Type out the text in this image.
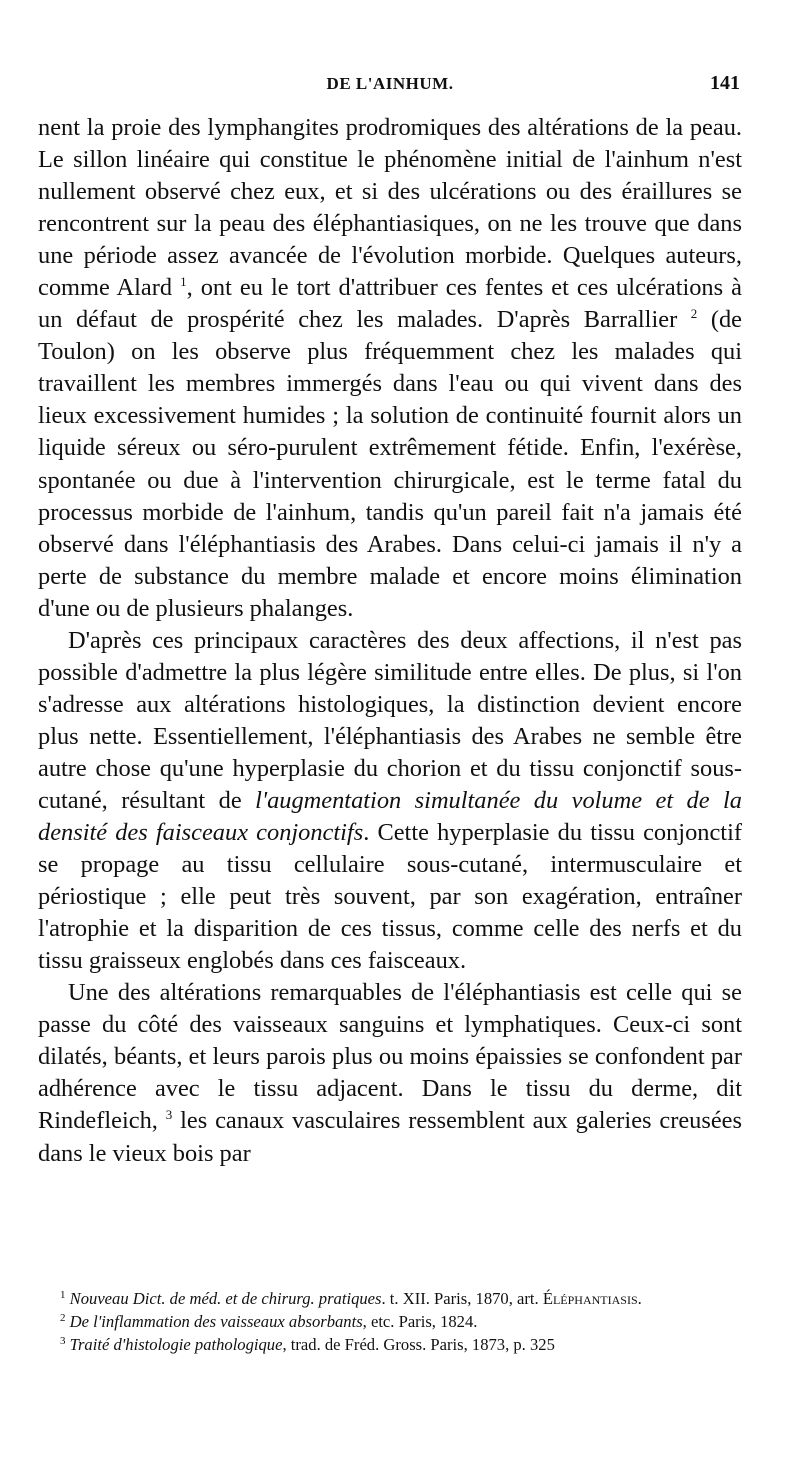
DE L'AINHUM.	141

nent la proie des lymphangites prodromiques des altérations de la peau. Le sillon linéaire qui constitue le phénomène initial de l'ainhum n'est nullement observé chez eux, et si des ulcérations ou des éraillures se rencontrent sur la peau des éléphantiasiques, on ne les trouve que dans une période assez avancée de l'évolution morbide. Quelques auteurs, comme Alard $^1$, ont eu le tort d'attribuer ces fentes et ces ulcérations à un défaut de prospérité chez les malades. D'après Barrallier $^2$ (de Toulon) on les observe plus fréquemment chez les malades qui travaillent les membres immergés dans l'eau ou qui vivent dans des lieux excessivement humides ; la solution de continuité fournit alors un liquide séreux ou séro-purulent extrêmement fétide. Enfin, l'exérèse, spontanée ou due à l'intervention chirurgicale, est le terme fatal du processus morbide de l'ainhum, tandis qu'un pareil fait n'a jamais été observé dans l'éléphantiasis des Arabes. Dans celui-ci jamais il n'y a perte de substance du membre malade et encore moins élimination d'une ou de plusieurs phalanges.

D'après ces principaux caractères des deux affections, il n'est pas possible d'admettre la plus légère similitude entre elles. De plus, si l'on s'adresse aux altérations histologiques, la distinction devient encore plus nette. Essentiellement, l'éléphantiasis des Arabes ne semble être autre chose qu'une hyperplasie du chorion et du tissu conjonctif sous-cutané, résultant de l'augmentation simultanée du volume et de la densité des faisceaux conjonctifs. Cette hyperplasie du tissu conjonctif se propage au tissu cellulaire sous-cutané, intermusculaire et périostique ; elle peut très souvent, par son exagération, entraîner l'atrophie et la disparition de ces tissus, comme celle des nerfs et du tissu graisseux englobés dans ces faisceaux.

Une des altérations remarquables de l'éléphantiasis est celle qui se passe du côté des vaisseaux sanguins et lymphatiques. Ceux-ci sont dilatés, béants, et leurs parois plus ou moins épaissies se confondent par adhérence avec le tissu adjacent. Dans le tissu du derme, dit Rindefleich, $^3$ les canaux vasculaires ressemblent aux galeries creusées dans le vieux bois par

$^1$ Nouveau Dict. de méd. et de chirurg. pratiques. t. XII. Paris, 1870, art. Éléphantiasis.

$^2$ De l'inflammation des vaisseaux absorbants, etc. Paris, 1824.

$^3$ Traité d'histologie pathologique, trad. de Fréd. Gross. Paris, 1873, p. 325
